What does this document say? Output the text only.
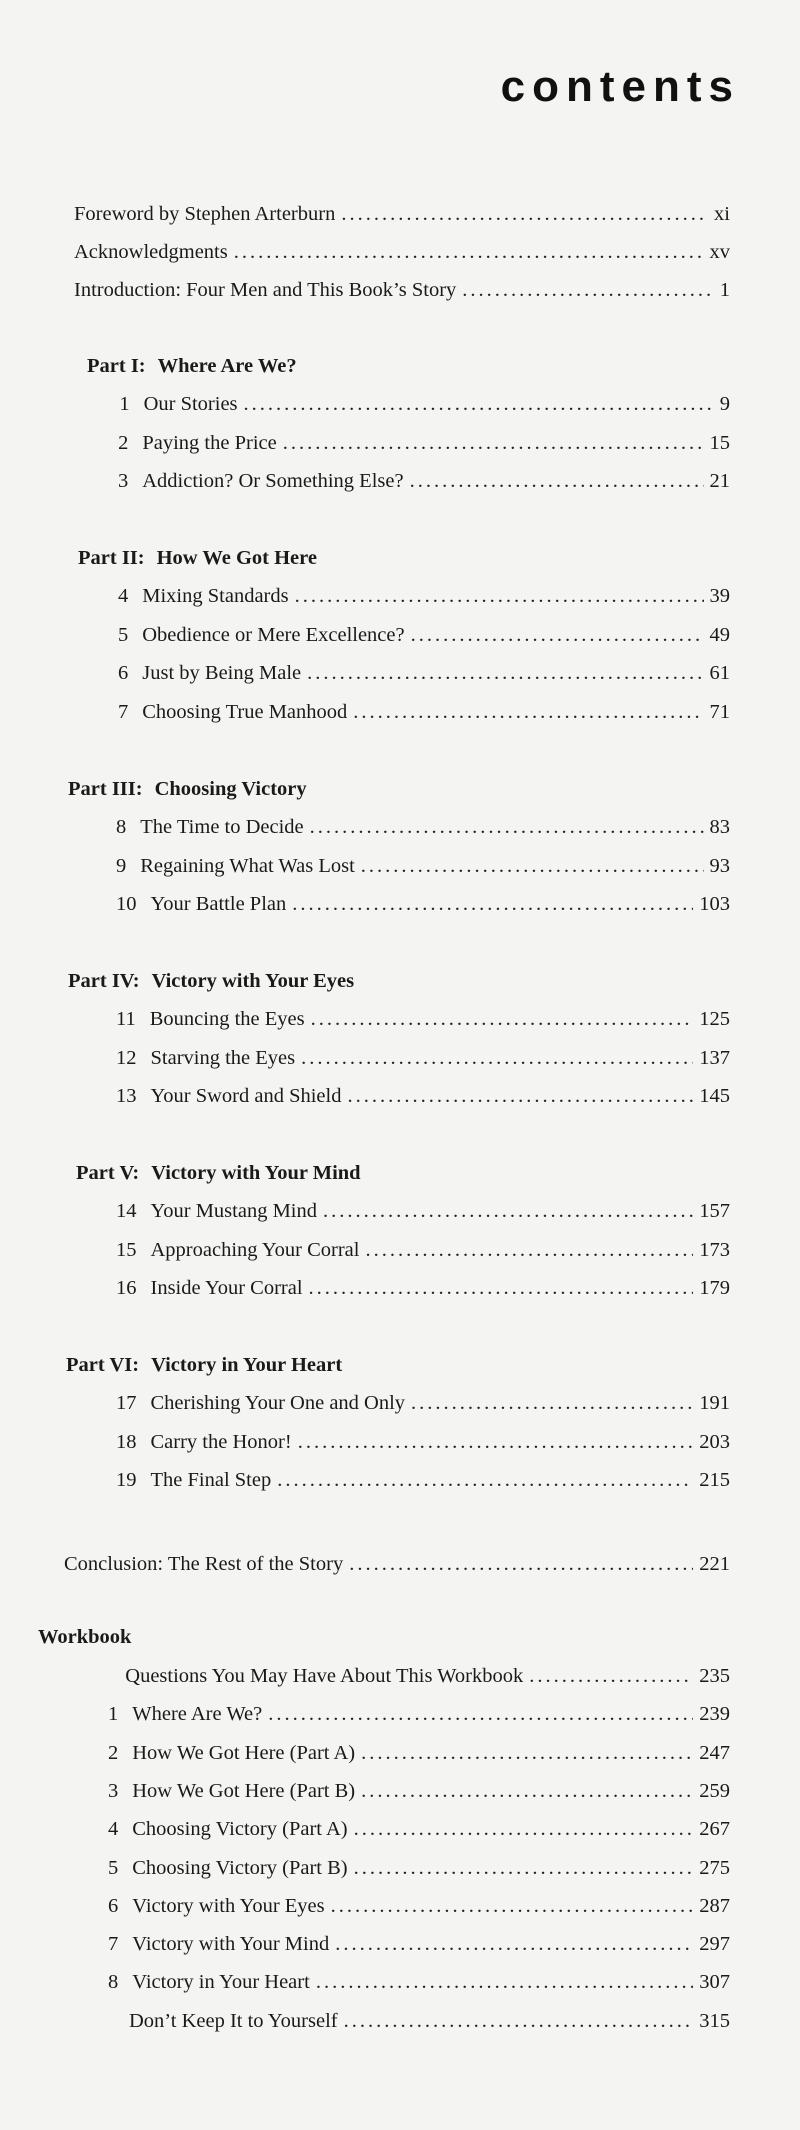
contents
Foreword by Stephen Arterburn .....	xi
Acknowledgments .....	xv
Introduction: Four Men and This Book’s Story .....	1
Part I: Where Are We?
1 Our Stories .....	9
2 Paying the Price .....	15
3 Addiction? Or Something Else? .....	21
Part II: How We Got Here
4 Mixing Standards .....	39
5 Obedience or Mere Excellence? .....	49
6 Just by Being Male .....	61
7 Choosing True Manhood .....	71
Part III: Choosing Victory
8 The Time to Decide .....	83
9 Regaining What Was Lost .....	93
10 Your Battle Plan .....	103
Part IV: Victory with Your Eyes
11 Bouncing the Eyes .....	125
12 Starving the Eyes .....	137
13 Your Sword and Shield .....	145
Part V: Victory with Your Mind
14 Your Mustang Mind .....	157
15 Approaching Your Corral .....	173
16 Inside Your Corral .....	179
Part VI: Victory in Your Heart
17 Cherishing Your One and Only .....	191
18 Carry the Honor! .....	203
19 The Final Step .....	215
Conclusion: The Rest of the Story .....	221
Workbook
Questions You May Have About This Workbook .....	235
1 Where Are We? .....	239
2 How We Got Here (Part A) .....	247
3 How We Got Here (Part B) .....	259
4 Choosing Victory (Part A) .....	267
5 Choosing Victory (Part B) .....	275
6 Victory with Your Eyes .....	287
7 Victory with Your Mind .....	297
8 Victory in Your Heart .....	307
Don’t Keep It to Yourself .....	315
